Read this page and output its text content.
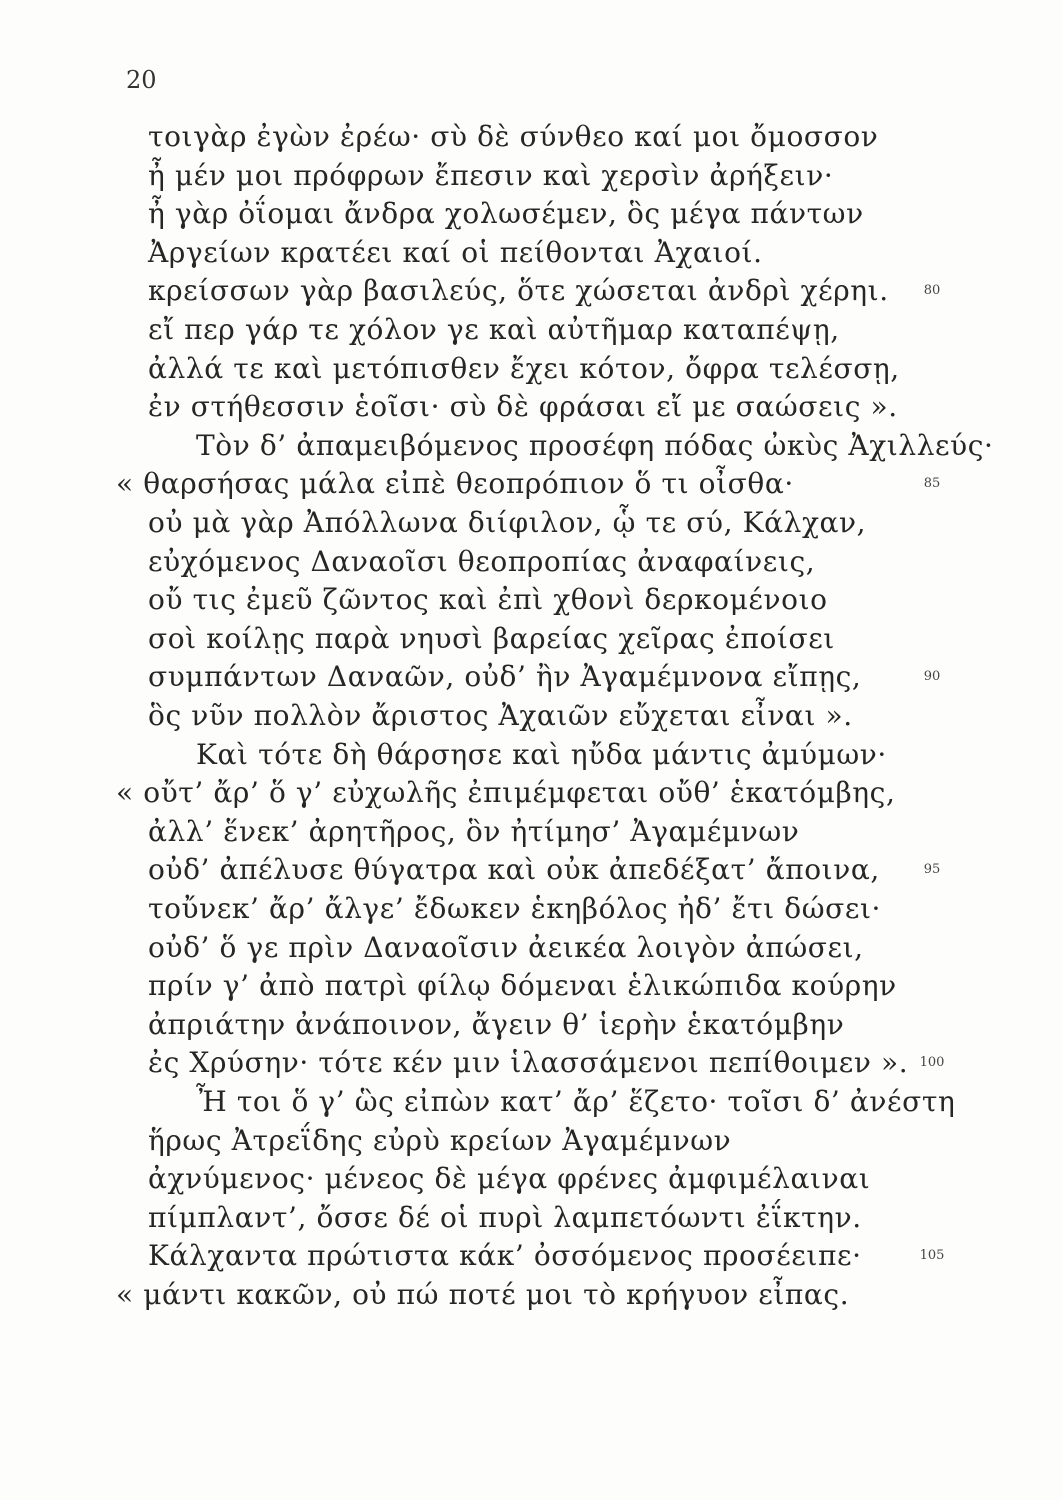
20
τοιγὰρ ἐγὼν ἐρέω· σὺ δὲ σύνθεο καί μοι ὄμοσσον
ἦ μέν μοι πρόφρων ἔπεσιν καὶ χερσὶν ἀρήξειν·
ἦ γὰρ ὀΐομαι ἄνδρα χολωσέμεν, ὃς μέγα πάντων
Ἀργείων κρατέει καί οἱ πείθονται Ἀχαιοί.
κρείσσων γὰρ βασιλεύς, ὅτε χώσεται ἀνδρὶ χέρηι.	80
εἴ περ γάρ τε χόλον γε καὶ αὐτῆμαρ καταπέψῃ,
ἀλλά τε καὶ μετόπισθεν ἔχει κότον, ὄφρα τελέσσῃ,
ἐν στήθεσσιν ἑοῖσι· σὺ δὲ φράσαι εἴ με σαώσεις ».
Τὸν δ’ ἀπαμειβόμενος προσέφη πόδας ὠκὺς Ἀχιλλεύς·
« θαρσήσας μάλα εἰπὲ θεοπρόπιον ὅ τι οἶσθα·	85
οὐ μὰ γὰρ Ἀπόλλωνα διίφιλον, ᾧ τε σύ, Κάλχαν,
εὐχόμενος Δαναοῖσι θεοπροπίας ἀναφαίνεις,
οὔ τις ἐμεῦ ζῶντος καὶ ἐπὶ χθονὶ δερκομένοιο
σοὶ κοίλῃς παρὰ νηυσὶ βαρείας χεῖρας ἐποίσει
συμπάντων Δαναῶν, οὐδ’ ἢν Ἀγαμέμνονα εἴπῃς,	90
ὃς νῦν πολλὸν ἄριστος Ἀχαιῶν εὔχεται εἶναι ».
Καὶ τότε δὴ θάρσησε καὶ ηὔδα μάντις ἀμύμων·
« οὔτ’ ἄρ’ ὅ γ’ εὐχωλῆς ἐπιμέμφεται οὔθ’ ἑκατόμβης,
ἀλλ’ ἕνεκ’ ἀρητῆρος, ὃν ἠτίμησ’ Ἀγαμέμνων
οὐδ’ ἀπέλυσε θύγατρα καὶ οὐκ ἀπεδέξατ’ ἄποινα,	95
τοὔνεκ’ ἄρ’ ἄλγε’ ἔδωκεν ἑκηβόλος ἠδ’ ἔτι δώσει·
οὐδ’ ὅ γε πρὶν Δαναοῖσιν ἀεικέα λοιγὸν ἀπώσει,
πρίν γ’ ἀπὸ πατρὶ φίλῳ δόμεναι ἑλικώπιδα κούρην
ἀπριάτην ἀνάποινον, ἄγειν θ’ ἱερὴν ἑκατόμβην
ἐς Χρύσην· τότε κέν μιν ἱλασσάμενοι πεπίθοιμεν ». 100
Ἦ τοι ὅ γ’ ὣς εἰπὼν κατ’ ἄρ’ ἕζετο· τοῖσι δ’ ἀνέστη
ἥρως Ἀτρεΐδης εὐρὺ κρείων Ἀγαμέμνων
ἀχνύμενος· μένεος δὲ μέγα φρένες ἀμφιμέλαιναι
πίμπλαντ’, ὄσσε δέ οἱ πυρὶ λαμπετόωντι ἐΐκτην.
Κάλχαντα πρώτιστα κάκ’ ὀσσόμενος προσέειπε·	105
« μάντι κακῶν, οὐ πώ ποτέ μοι τὸ κρήγυον εἶπας.
